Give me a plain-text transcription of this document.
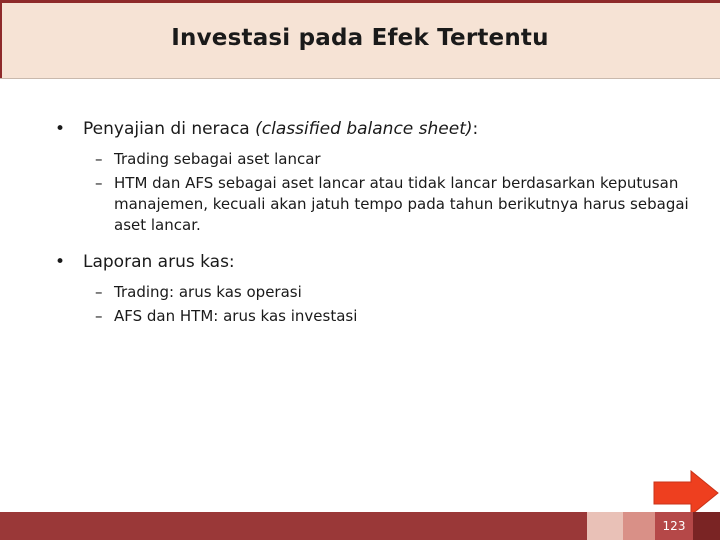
Investasi pada Efek Tertentu
• Penyajian di neraca (classified balance sheet):
– Trading sebagai aset lancar
– HTM dan AFS sebagai aset lancar atau tidak lancar berdasarkan keputusan manajemen, kecuali akan jatuh tempo pada tahun berikutnya harus sebagai aset lancar.
• Laporan arus kas:
– Trading: arus kas operasi
– AFS dan HTM: arus kas investasi
123
